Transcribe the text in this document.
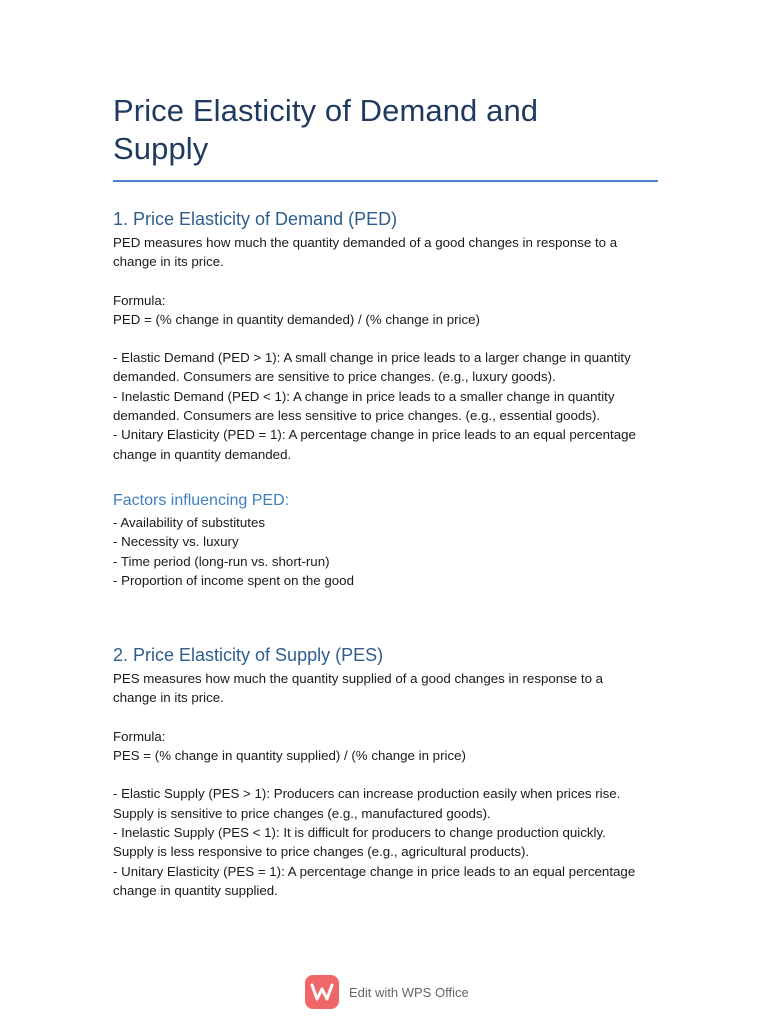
Price Elasticity of Demand and
Supply
1. Price Elasticity of Demand (PED)

PED measures how much the quantity demanded of a good changes in response to a

change in its price.

Formula:

PED = (% change in quantity demanded) / (% change in price)

- Elastic Demand (PED > 1): A small change in price leads to a larger change in quantity

demanded. Consumers are sensitive to price changes. (e.g., luxury goods).

- Inelastic Demand (PED < 1): A change in price leads to a smaller change in quantity

demanded. Consumers are less sensitive to price changes. (e.g., essential goods).

- Unitary Elasticity (PED = 1): A percentage change in price leads to an equal percentage

change in quantity demanded.

Factors influencing PED:

- Availability of substitutes

- Necessity vs. luxury

- Time period (long-run vs. short-run)

- Proportion of income spent on the good

2. Price Elasticity of Supply (PES)

PES measures how much the quantity supplied of a good changes in response to a

change in its price.

Formula:

PES = (% change in quantity supplied) / (% change in price)

- Elastic Supply (PES > 1): Producers can increase production easily when prices rise.

Supply is sensitive to price changes (e.g., manufactured goods).

- Inelastic Supply (PES < 1): It is difficult for producers to change production quickly.

Supply is less responsive to price changes (e.g., agricultural products).

- Unitary Elasticity (PES = 1): A percentage change in price leads to an equal percentage

change in quantity supplied.

Edit with WPS Office
